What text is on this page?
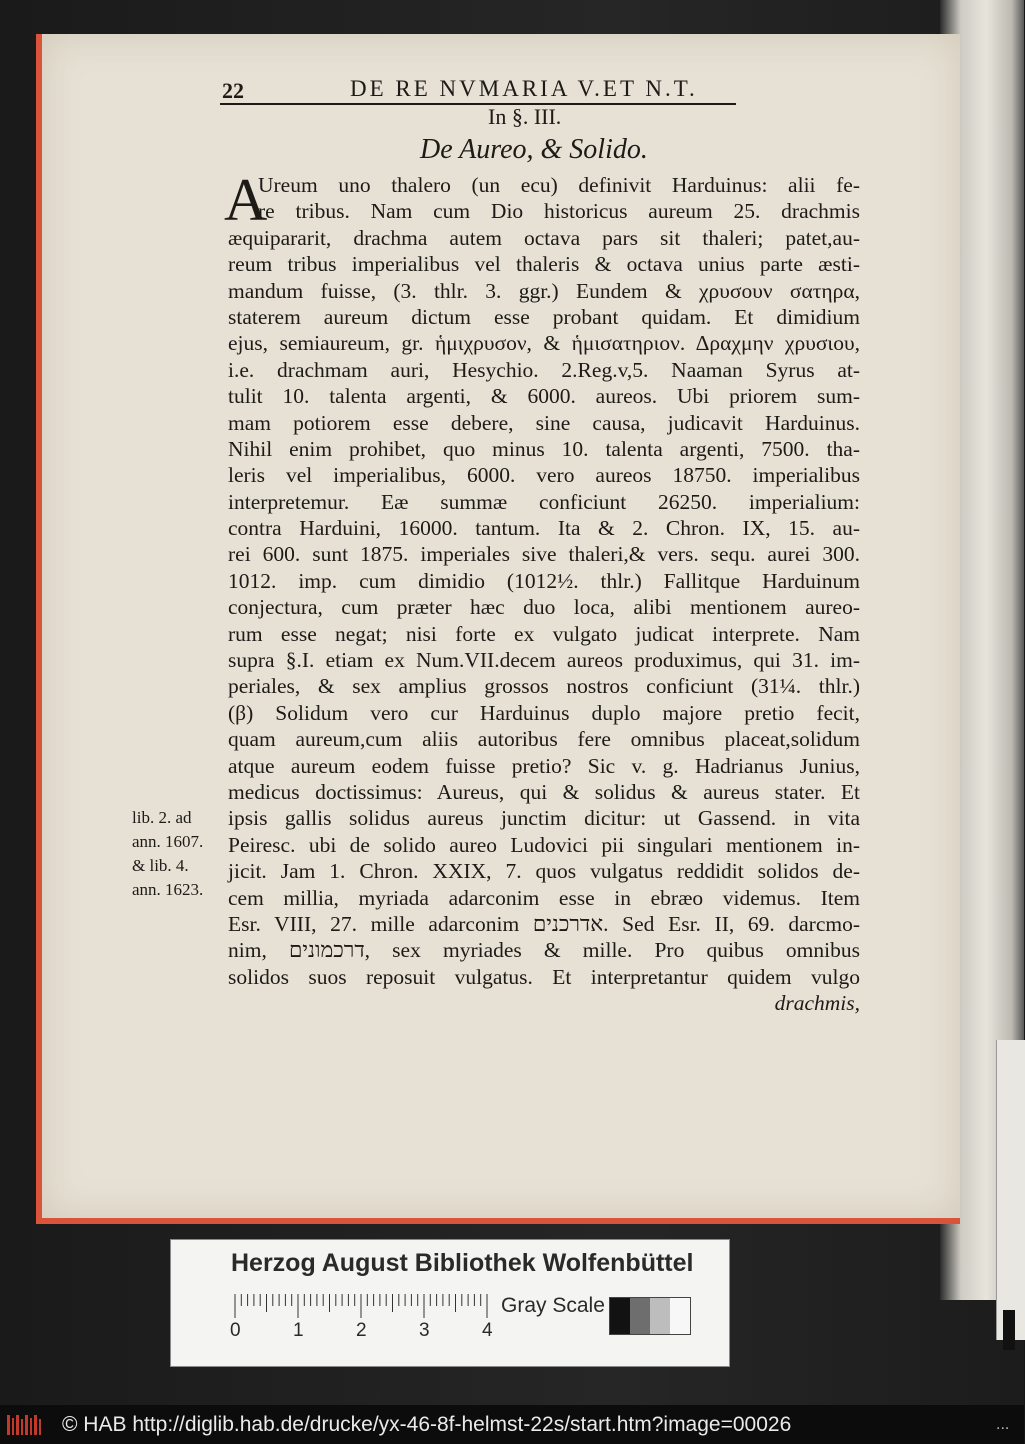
22	DE RE NVMARIA V.ET N.T.
In §. III.
De Aureo, & Solido.
A
Ureum uno thalero (un ecu) definivit Harduinus: alii fe-
re tribus. Nam cum Dio historicus aureum 25. drachmis
æquipararit, drachma autem octava pars sit thaleri; patet,au-
reum tribus imperialibus vel thaleris & octava unius parte æsti-
mandum fuisse, (3. thlr. 3. ggr.) Eundem & χρυσουν σατηρα,
staterem aureum dictum esse probant quidam. Et dimidium
ejus, semiaureum, gr. ἡμιχρυσον, & ἡμισατηριον. Δραχμην χρυσιου,
i.e. drachmam auri, Hesychio. 2.Reg.v,5. Naaman Syrus at-
tulit 10. talenta argenti, & 6000. aureos. Ubi priorem sum-
mam potiorem esse debere, sine causa, judicavit Harduinus.
Nihil enim prohibet, quo minus 10. talenta argenti, 7500. tha-
leris vel imperialibus, 6000. vero aureos 18750. imperialibus
interpretemur. Eæ summæ conficiunt 26250. imperialium:
contra Harduini, 16000. tantum. Ita & 2. Chron. IX, 15. au-
rei 600. sunt 1875. imperiales sive thaleri,& vers. sequ. aurei 300.
1012. imp. cum dimidio (1012½. thlr.) Fallitque Harduinum
conjectura, cum præter hæc duo loca, alibi mentionem aureo-
rum esse negat; nisi forte ex vulgato judicat interprete. Nam
supra §.I. etiam ex Num.VII.decem aureos produximus, qui 31. im-
periales, & sex amplius grossos nostros conficiunt (31¼. thlr.)
(β) Solidum vero cur Harduinus duplo majore pretio fecit,
quam aureum,cum aliis autoribus fere omnibus placeat,solidum
atque aureum eodem fuisse pretio? Sic v. g. Hadrianus Junius,
medicus doctissimus: Aureus, qui & solidus & aureus stater. Et
ipsis gallis solidus aureus junctim dicitur: ut Gassend. in vita
Peiresc. ubi de solido aureo Ludovici pii singulari mentionem in-
jicit. Jam 1. Chron. XXIX, 7. quos vulgatus reddidit solidos de-
cem millia, myriada adarconim esse in ebræo videmus. Item
Esr. VIII, 27. mille adarconim אדרכנים. Sed Esr. II, 69. darcmo-
nim, דרכמונים, sex myriades & mille. Pro quibus omnibus
solidos suos reposuit vulgatus. Et interpretantur quidem vulgo
drachmis,
lib. 2. ad
ann. 1607.
& lib. 4.
ann. 1623.
Herzog August Bibliothek Wolfenbüttel
0	1	2	3	4
Gray Scale
© HAB http://diglib.hab.de/drucke/yx-46-8f-helmst-22s/start.htm?image=00026	...
